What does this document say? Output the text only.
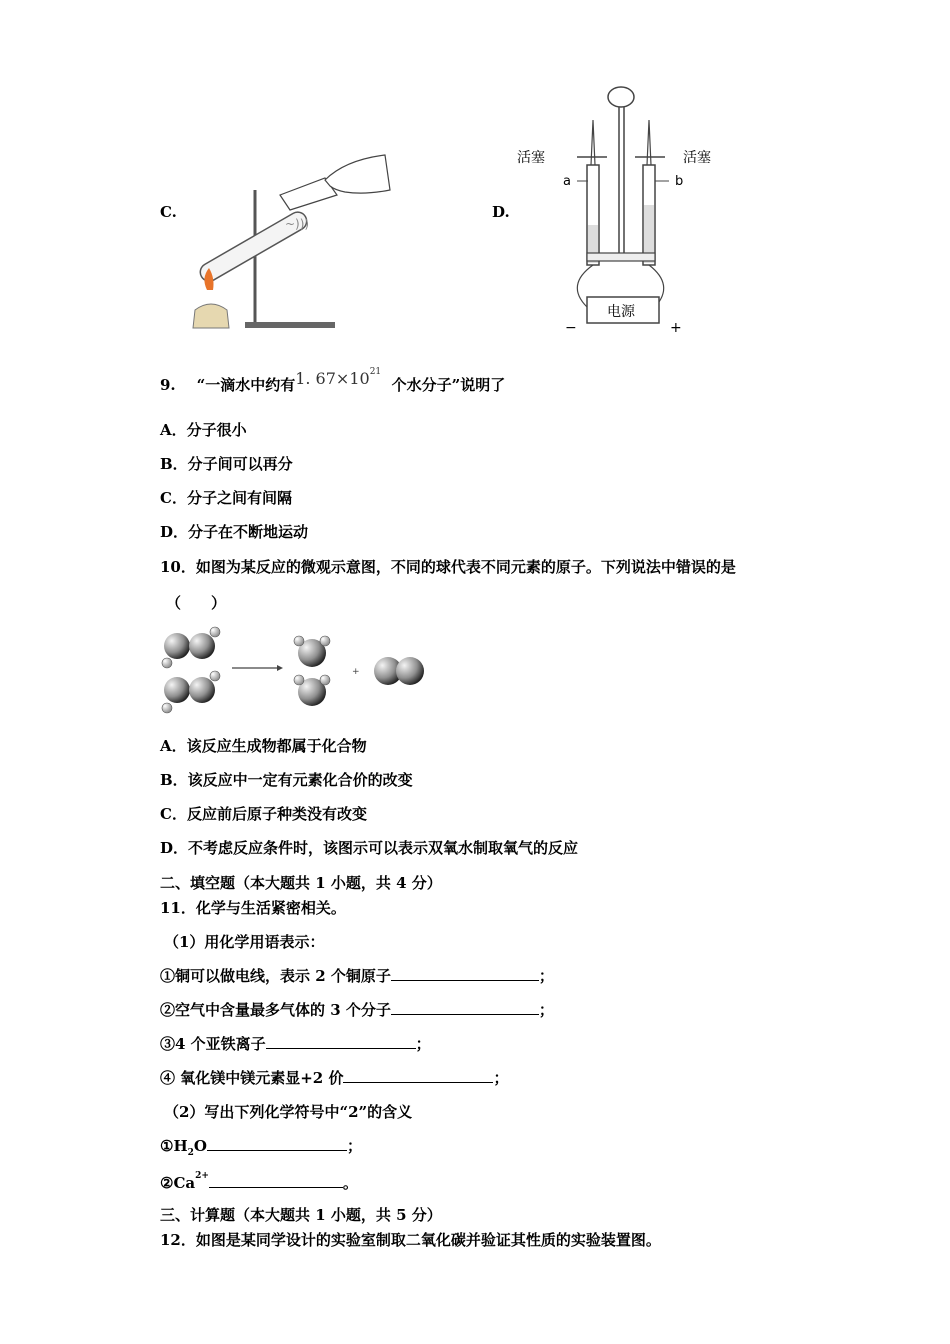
C.
~)))
D.
活塞	活塞
a	b
电源
−	+
9. “一滴水中约有1. $67\times 10^{21}$  个水分子”说明了
A．分子很小
B．分子间可以再分
C．分子之间有间隔
D．分子在不断地运动
10．如图为某反应的微观示意图，不同的球代表不同元素的原子。下列说法中错误的是
（　　）
+
A．该反应生成物都属于化合物
B．该反应中一定有元素化合价的改变
C．反应前后原子种类没有改变
D．不考虑反应条件时，该图示可以表示双氧水制取氧气的反应
二、填空题（本大题共 1 小题，共 4 分）
11．化学与生活紧密相关。
（1）用化学用语表示：
①铜可以做电线，表示 2 个铜原子	；
②空气中含量最多气体的 3 个分子	；
③4 个亚铁离子	；
④ 氧化镁中镁元素显+2 价	；
（2）写出下列化学符号中“2”的含义
$①H_2O$	；
$②Ca^{2+}$	。
三、计算题（本大题共 1 小题，共 5 分）
12．如图是某同学设计的实验室制取二氧化碳并验证其性质的实验装置图。
